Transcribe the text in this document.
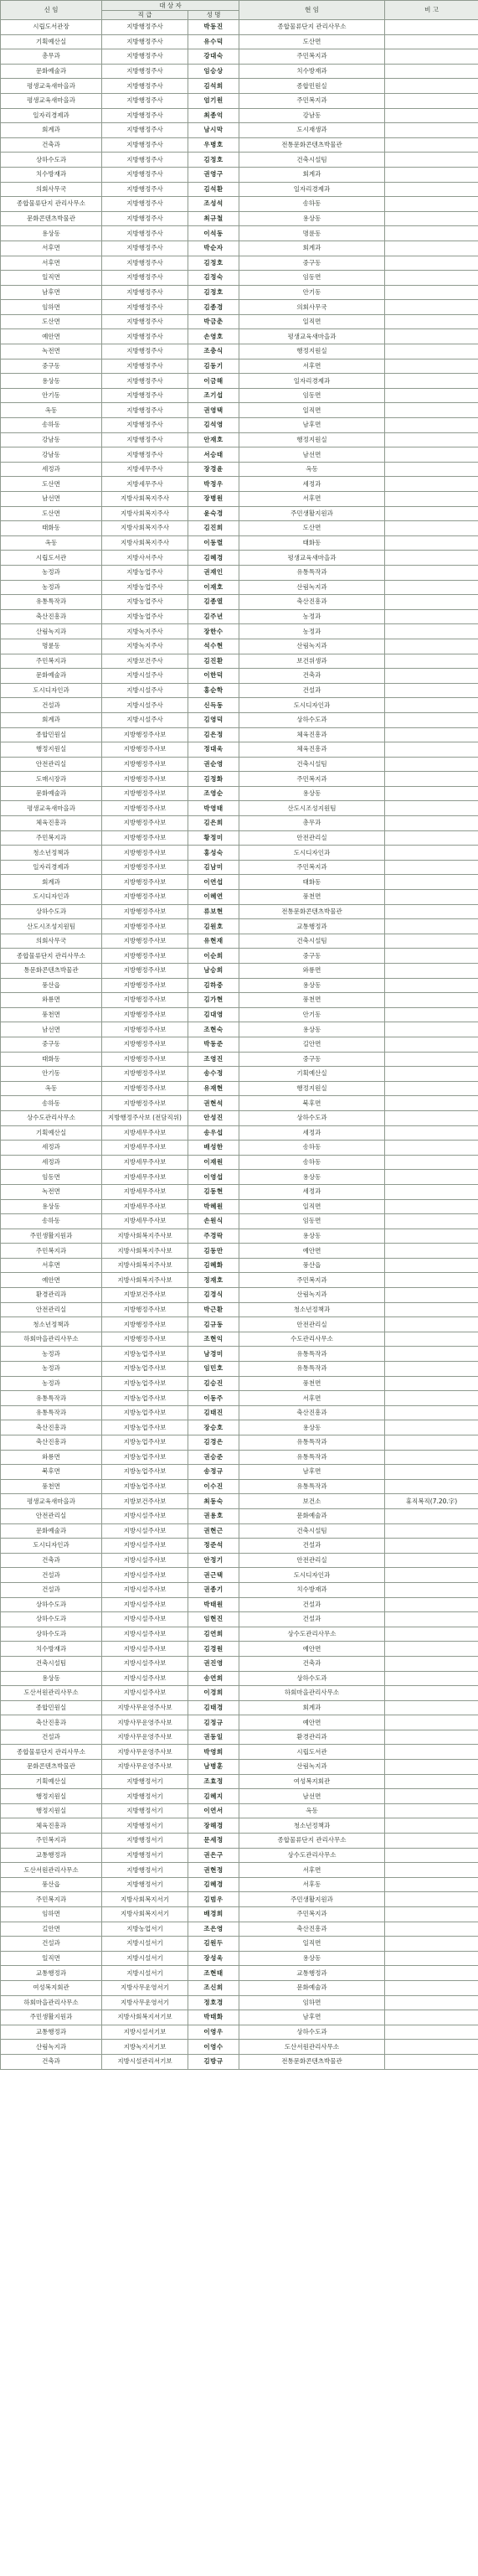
신 임	대 상 자		현 임	비 고
	직 급	성 명		
시립도서관장	지방행정주사	박동진	종합물류단지 관리사무소	
기획예산실	지방행정주사	유수덕	도산면	
총무과	지방행정주사	강대숙	주민복지과	
문화예술과	지방행정주사	임승상	치수방재과	
평생교육새마을과	지방행정주사	김석희	종합민원실	
평생교육새마을과	지방행정주사	엄기원	주민복지과	
일자리경제과	지방행정주사	최종억	강남동	
회계과	지방행정주사	남시막	도시재생과	
건축과	지방행정주사	우병호	전통문화콘텐츠박물관	
상하수도과	지방행정주사	김정호	건축시설팀	
치수방재과	지방행정주사	권영구	회계과	
의회사무국	지방행정주사	김석환	일자리경제과	
종합물류단지 관리사무소	지방행정주사	조성석	송하동	
문화콘텐츠박물관	지방행정주사	최규철	용상동	
용상동	지방행정주사	이석동	명륜동	
서후면	지방행정주사	박순자	회계과	
서후면	지방행정주사	김정호	중구동	
일직면	지방행정주사	김정숙	임동면	
남후면	지방행정주사	김정호	안기동	
임하면	지방행정주사	김종경	의회사무국	
도산면	지방행정주사	박금춘	일직면	
예안면	지방행정주사	손영호	평생교육새마을과	
녹전면	지방행정주사	조충식	행정지원실	
중구동	지방행정주사	김동기	서후면	
용상동	지방행정주사	이금해	일자리경제과	
안기동	지방행정주사	조기섭	임동면	
옥동	지방행정주사	권영택	일직면	
송하동	지방행정주사	김석영	남후면	
강남동	지방행정주사	안재호	행정지원실	
강남동	지방행정주사	서승태	남선면	
세정과	지방세무주사	장경윤	옥동	
도산면	지방세무주사	박정우	세정과	
남선면	지방사회복지주사	장병원	서후면	
도산면	지방사회복지주사	윤숙경	주민생활지원과	
태화동	지방사회복지주사	김진희	도산면	
옥동	지방사회복지주사	이동렬	태화동	
시립도서관	지방사서주사	김혜경	평생교육새마을과	
농정과	지방농업주사	권재인	유통특작과	
농정과	지방농업주사	이재호	산림녹지과	
유통특작과	지방농업주사	김종열	축산진흥과	
축산진흥과	지방농업주사	김주년	농정과	
산림녹지과	지방녹지주사	장한수	농정과	
명륜동	지방녹지주사	석수현	산림녹지과	
주민복지과	지방보건주사	김진환	보건위생과	
문화예술과	지방시설주사	이한덕	건축과	
도시디자인과	지방시설주사	홍순학	건설과	
건설과	지방시설주사	신득동	도시디자인과	
회계과	지방시설주사	김영덕	상하수도과	
종합민원실	지방행정주사보	김은정	체육진흥과	
행정지원실	지방행정주사보	정대욱	체육진흥과	
안전관리실	지방행정주사보	권순영	건축시설팀	
도매시장과	지방행정주사보	김정화	주민복지과	
문화예술과	지방행정주사보	조영순	용상동	
평생교육새마을과	지방행정주사보	박영태	산도시조성지원팀	
체육진흥과	지방행정주사보	김은희	총무과	
주민복지과	지방행정주사보	황정미	안전관리실	
청소년정책과	지방행정주사보	홍성숙	도시디자인과	
일자리경제과	지방행정주사보	김남미	주민복지과	
회계과	지방행정주사보	이연섭	태화동	
도시디자인과	지방행정주사보	이혜연	풍천면	
상하수도과	지방행정주사보	류보현	전통문화콘텐츠박물관	
산도시조성지원팀	지방행정주사보	김원호	교통행정과	
의회사무국	지방행정주사보	유현재	건축시설팀	
종합물류단지 관리사무소	지방행정주사보	이순희	중구동	
통문화콘텐츠박물관	지방행정주사보	남승희	와룡면	
풍산읍	지방행정주사보	김하중	용상동	
와룡면	지방행정주사보	김가현	풍천면	
풍천면	지방행정주사보	김대영	안기동	
남선면	지방행정주사보	조현숙	용상동	
중구동	지방행정주사보	박동준	길안면	
태화동	지방행정주사보	조영진	중구동	
안기동	지방행정주사보	송수정	기획예산실	
옥동	지방행정주사보	유재현	행정지원실	
송하동	지방행정주사보	권현석	북후면	
상수도관리사무소	지방행정주사보 (전담직위)	안성진	상하수도과	
기획예산실	지방세무주사보	송우섭	세정과	
세정과	지방세무주사보	배성한	송하동	
세정과	지방세무주사보	이재원	송하동	
임동면	지방세무주사보	이영섭	용상동	
녹전면	지방세무주사보	김동현	세정과	
용상동	지방세무주사보	박혜원	일직면	
송하동	지방세무주사보	손원식	임동면	
주민생활지원과	지방사회복지주사보	주경락	용상동	
주민복지과	지방사회복지주사보	김동만	예안면	
서후면	지방사회복지주사보	김혜화	풍산읍	
예안면	지방사회복지주사보	정재호	주민복지과	
환경관리과	지방보건주사보	김경식	산림녹지과	
안전관리실	지방행정주사보	박근환	청소년정책과	
청소년정책과	지방행정주사보	김규동	안전관리실	
하회마을관리사무소	지방행정주사보	조현익	수도관리사무소	
농정과	지방농업주사보	남경미	유통특작과	
농정과	지방농업주사보	임민호	유통특작과	
농정과	지방농업주사보	김승진	풍천면	
유통특작과	지방농업주사보	이동주	서후면	
유통특작과	지방농업주사보	김태진	축산진흥과	
축산진흥과	지방농업주사보	장승호	용상동	
축산진흥과	지방농업주사보	김경은	유통특작과	
와룡면	지방농업주사보	권승준	유통특작과	
북후면	지방농업주사보	송정규	남후면	
풍천면	지방농업주사보	이수진	유통특작과	
평생교육새마을과	지방보건주사보	최동숙	보건소	휴직복직(7.20.字)
안전관리실	지방시설주사보	권용호	문화예술과	
문화예술과	지방시설주사보	권현근	건축시설팀	
도시디자인과	지방시설주사보	정준석	건설과	
건축과	지방시설주사보	안정기	안전관리실	
건설과	지방시설주사보	권근택	도시디자인과	
건설과	지방시설주사보	권종기	치수방재과	
상하수도과	지방시설주사보	박태원	건설과	
상하수도과	지방시설주사보	임현진	건설과	
상하수도과	지방시설주사보	김연희	상수도관리사무소	
치수방재과	지방시설주사보	김경원	예안면	
건축시설팀	지방시설주사보	권진영	건축과	
용상동	지방시설주사보	송연희	상하수도과	
도산서원관리사무소	지방시설주사보	이경희	하회마을관리사무소	
종합민원실	지방사무운영주사보	김태경	회계과	
축산진흥과	지방사무운영주사보	김정규	예안면	
건설과	지방사무운영주사보	권동일	환경관리과	
종합물류단지 관리사무소	지방사무운영주사보	박영희	시립도서관	
문화콘텐츠박물관	지방사무운영주사보	남병훈	산림녹지과	
기획예산실	지방행정서기	조효정	여성복지회관	
행정지원실	지방행정서기	김혜지	남선면	
행정지원실	지방행정서기	이연서	옥동	
체육진흥과	지방행정서기	장해경	청소년정책과	
주민복지과	지방행정서기	문세정	종합물류단지 관리사무소	
교통행정과	지방행정서기	권은구	상수도관리사무소	
도산서원관리사무소	지방행정서기	권현정	서후면	
풍산읍	지방행정서기	김혜경	서후동	
주민복지과	지방사회복지서기	김범우	주민생활지원과	
임하면	지방사회복지서기	배경희	주민복지과	
길안면	지방농업서기	조은영	축산진흥과	
건설과	지방시설서기	김원두	일직면	
일직면	지방시설서기	장성욱	용상동	
교통행정과	지방시설서기	조현태	교통행정과	
여성복지회관	지방사무운영서기	조신희	문화예술과	
하회마을관리사무소	지방사무운영서기	정호경	임하면	
주민생활지원과	지방사회복지서기보	박태화	남후면	
교통행정과	지방시설서기보	이영우	상하수도과	
산림녹지과	지방녹지서기보	이영수	도산서원관리사무소	
건축과	지방시설관리서기보	김방규	전통문화콘텐츠박물관	
